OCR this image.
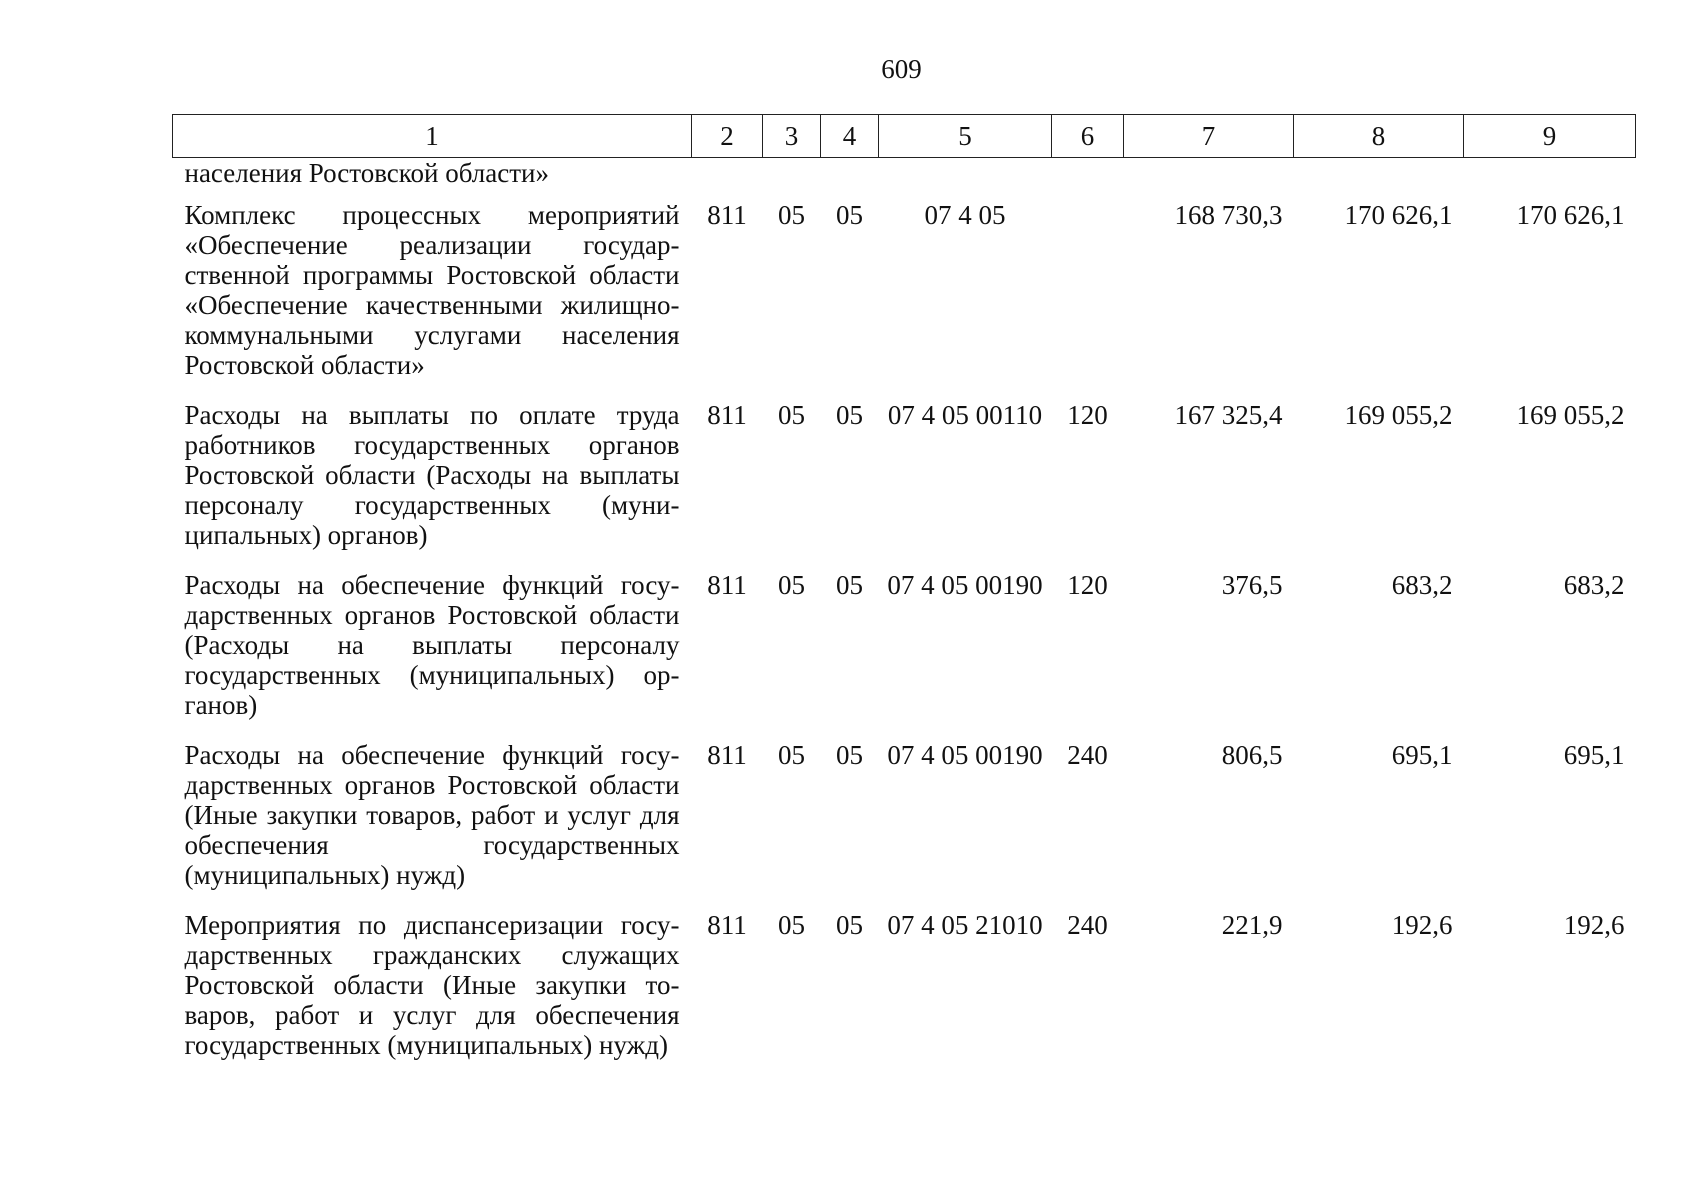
609
1	2	3	4	5	6	7	8	9
населения Ростовской области»								
Комплекс процессных мероприятий «Обеспечение реализации государственной программы Ростовской области «Обеспечение качественными жилищно-коммунальными услугами населения Ростовской области»	811	05	05	07 4 05		168 730,3	170 626,1	170 626,1
Расходы на выплаты по оплате труда работников государственных органов Ростовской области (Расходы на выплаты персоналу государственных (муниципальных) органов)	811	05	05	07 4 05 00110	120	167 325,4	169 055,2	169 055,2
Расходы на обеспечение функций государственных органов Ростовской области (Расходы на выплаты персоналу государственных (муниципальных) органов)	811	05	05	07 4 05 00190	120	376,5	683,2	683,2
Расходы на обеспечение функций государственных органов Ростовской области (Иные закупки товаров, работ и услуг для обеспечения государственных (муниципальных) нужд)	811	05	05	07 4 05 00190	240	806,5	695,1	695,1
Мероприятия по диспансеризации государственных гражданских служащих Ростовской области (Иные закупки товаров, работ и услуг для обеспечения государственных (муниципальных) нужд)	811	05	05	07 4 05 21010	240	221,9	192,6	192,6
